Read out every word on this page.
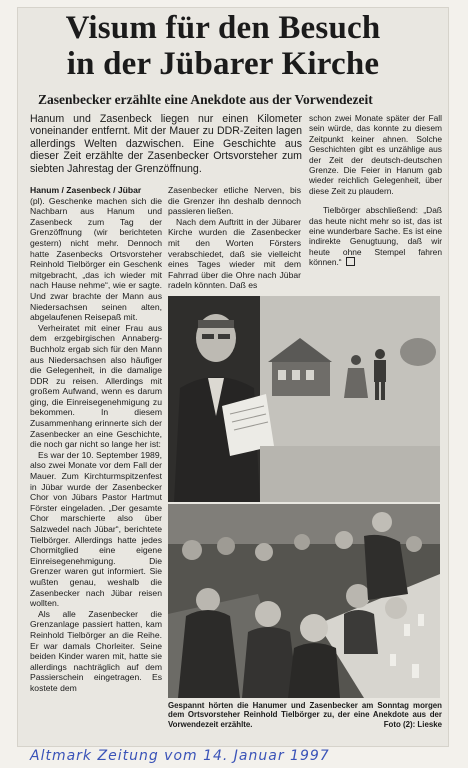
Visum für den Besuch
in der Jübarer Kirche
Zasenbecker erzählte eine Anekdote aus der Vorwendezeit
Hanum und Zasenbeck liegen nur einen Kilometer voneinander entfernt. Mit der Mauer zu DDR-Zeiten lagen allerdings Welten dazwischen. Eine Geschichte aus dieser Zeit erzählte der Zasenbecker Ortsvorsteher zum siebten Jahrestag der Grenzöffnung.

Hanum / Zasenbeck / Jübar
(pl). Geschenke machen sich die Nachbarn aus Hanum und Zasenbeck zum Tag der Grenzöffnung (wir berichteten gestern) nicht mehr. Dennoch hatte Zasenbecks Ortsvorsteher Reinhold Tielbörger ein Geschenk mitgebracht, „das ich wieder mit nach Hause nehme“, wie er sagte. Und zwar brachte der Mann aus Niedersachsen seinen alten, abgelaufenen Reisepaß mit.

Verheiratet mit einer Frau aus dem erzgebirgischen Annaberg-Buchholz ergab sich für den Mann aus Niedersachsen also häufiger die Gelegenheit, in die damalige DDR zu reisen. Allerdings mit großem Aufwand, wenn es darum ging, die Einreisegenehmigung zu bekommen. In diesem Zusammenhang erinnerte sich der Zasenbecker an eine Geschichte, die noch gar nicht so lange her ist:

Es war der 10. September 1989, also zwei Monate vor dem Fall der Mauer. Zum Kirchturmspitzenfest in Jübar wurde der Zasenbecker Chor von Jübars Pastor Hartmut Förster eingeladen. „Der gesamte Chor marschierte also über Salzwedel nach Jübar“, berichtete Tielbörger. Allerdings hatte jedes Chormitglied eine eigene Einreisegenehmigung. Die Grenzer waren gut informiert. Sie wußten genau, weshalb die Zasenbecker nach Jübar reisen wollten.

Als alle Zasenbecker die Grenzanlage passiert hatten, kam Reinhold Tielbörger an die Reihe. Er war damals Chorleiter. Seine beiden Kinder waren mit, hatte sie allerdings nachträglich auf dem Passierschein eingetragen. Es kostete dem

Zasenbecker etliche Nerven, bis die Grenzer ihn deshalb dennoch passieren ließen.

Nach dem Auftritt in der Jübarer Kirche wurden die Zasenbecker mit den Worten Försters verabschiedet, daß sie vielleicht eines Tages wieder mit dem Fahrrad über die Ohre nach Jübar radeln könnten. Daß es

schon zwei Monate später der Fall sein würde, das konnte zu diesem Zeitpunkt keiner ahnen. Solche Geschichten gibt es unzählige aus der Zeit der deutsch-deutschen Grenze. Die Feier in Hanum gab wieder reichlich Gelegenheit, über diese Zeit zu plaudern.

Tielbörger abschließend: „Daß das heute nicht mehr so ist, das ist eine wunderbare Sache. Es ist eine indirekte Genugtuung, daß wir heute ohne Stempel fahren können.“

Gespannt hörten die Hanumer und Zasenbecker am Sonntag morgen dem Ortsvorsteher Reinhold Tielbörger zu, der eine Anekdote aus der Vorwendezeit erzählte.	Foto (2): Lieske
Altmark Zeitung vom 14. Januar 1997
